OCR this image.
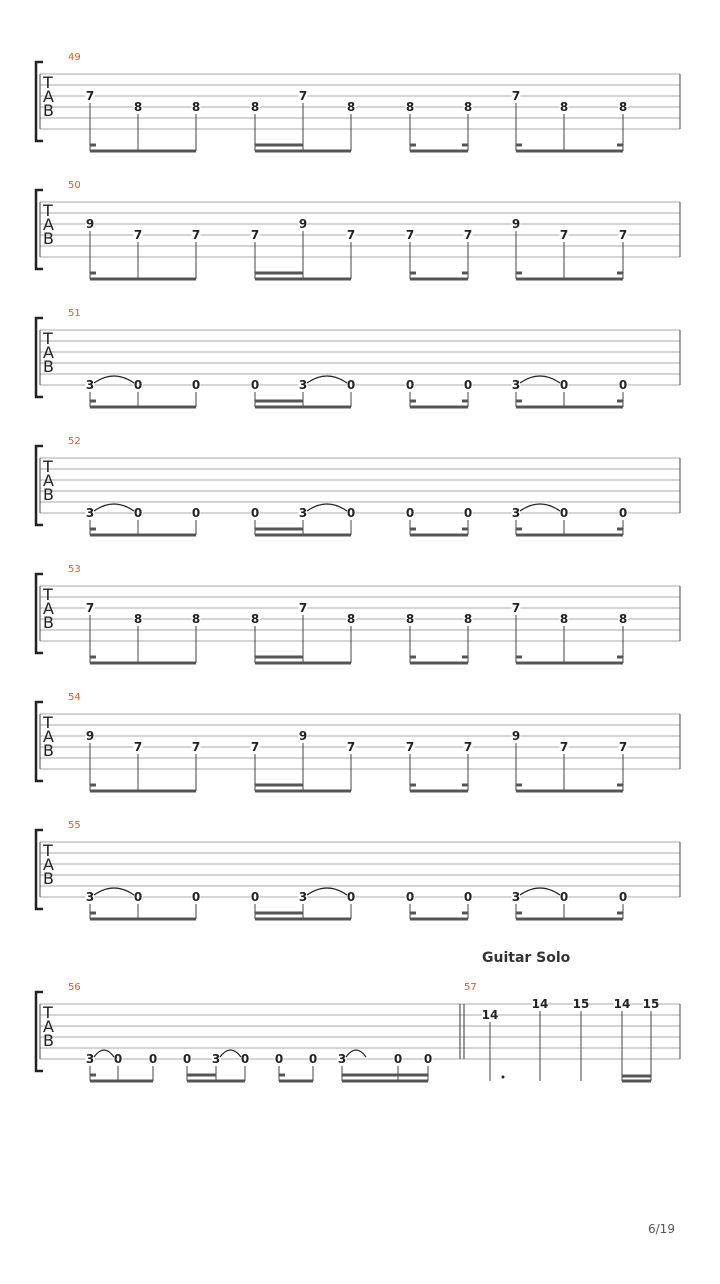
T
A
B
7
8	8	8
7
8	8	8
7
8	8
T
A
B
9
7	7	7
9
7	7	7
9
7	7
T
A
B
3	0	0	0	3	0	0	0	3	0	0
T
A
B
3	0	0	0	3	0	0	0	3	0	0
T
A
B
7
8	8	8
7
8	8	8
7
8	8
T
A
B
9
7	7	7
9
7	7	7
9
7	7
T
A
B
3	0	0	0	3	0	0	0	3	0	0
T
A
B
3 0 0 0 3 0 0 0 3	0 0
14
14 15 14 15
Guitar Solo
6/19
49
50
51
52
53
54
55
56	57
